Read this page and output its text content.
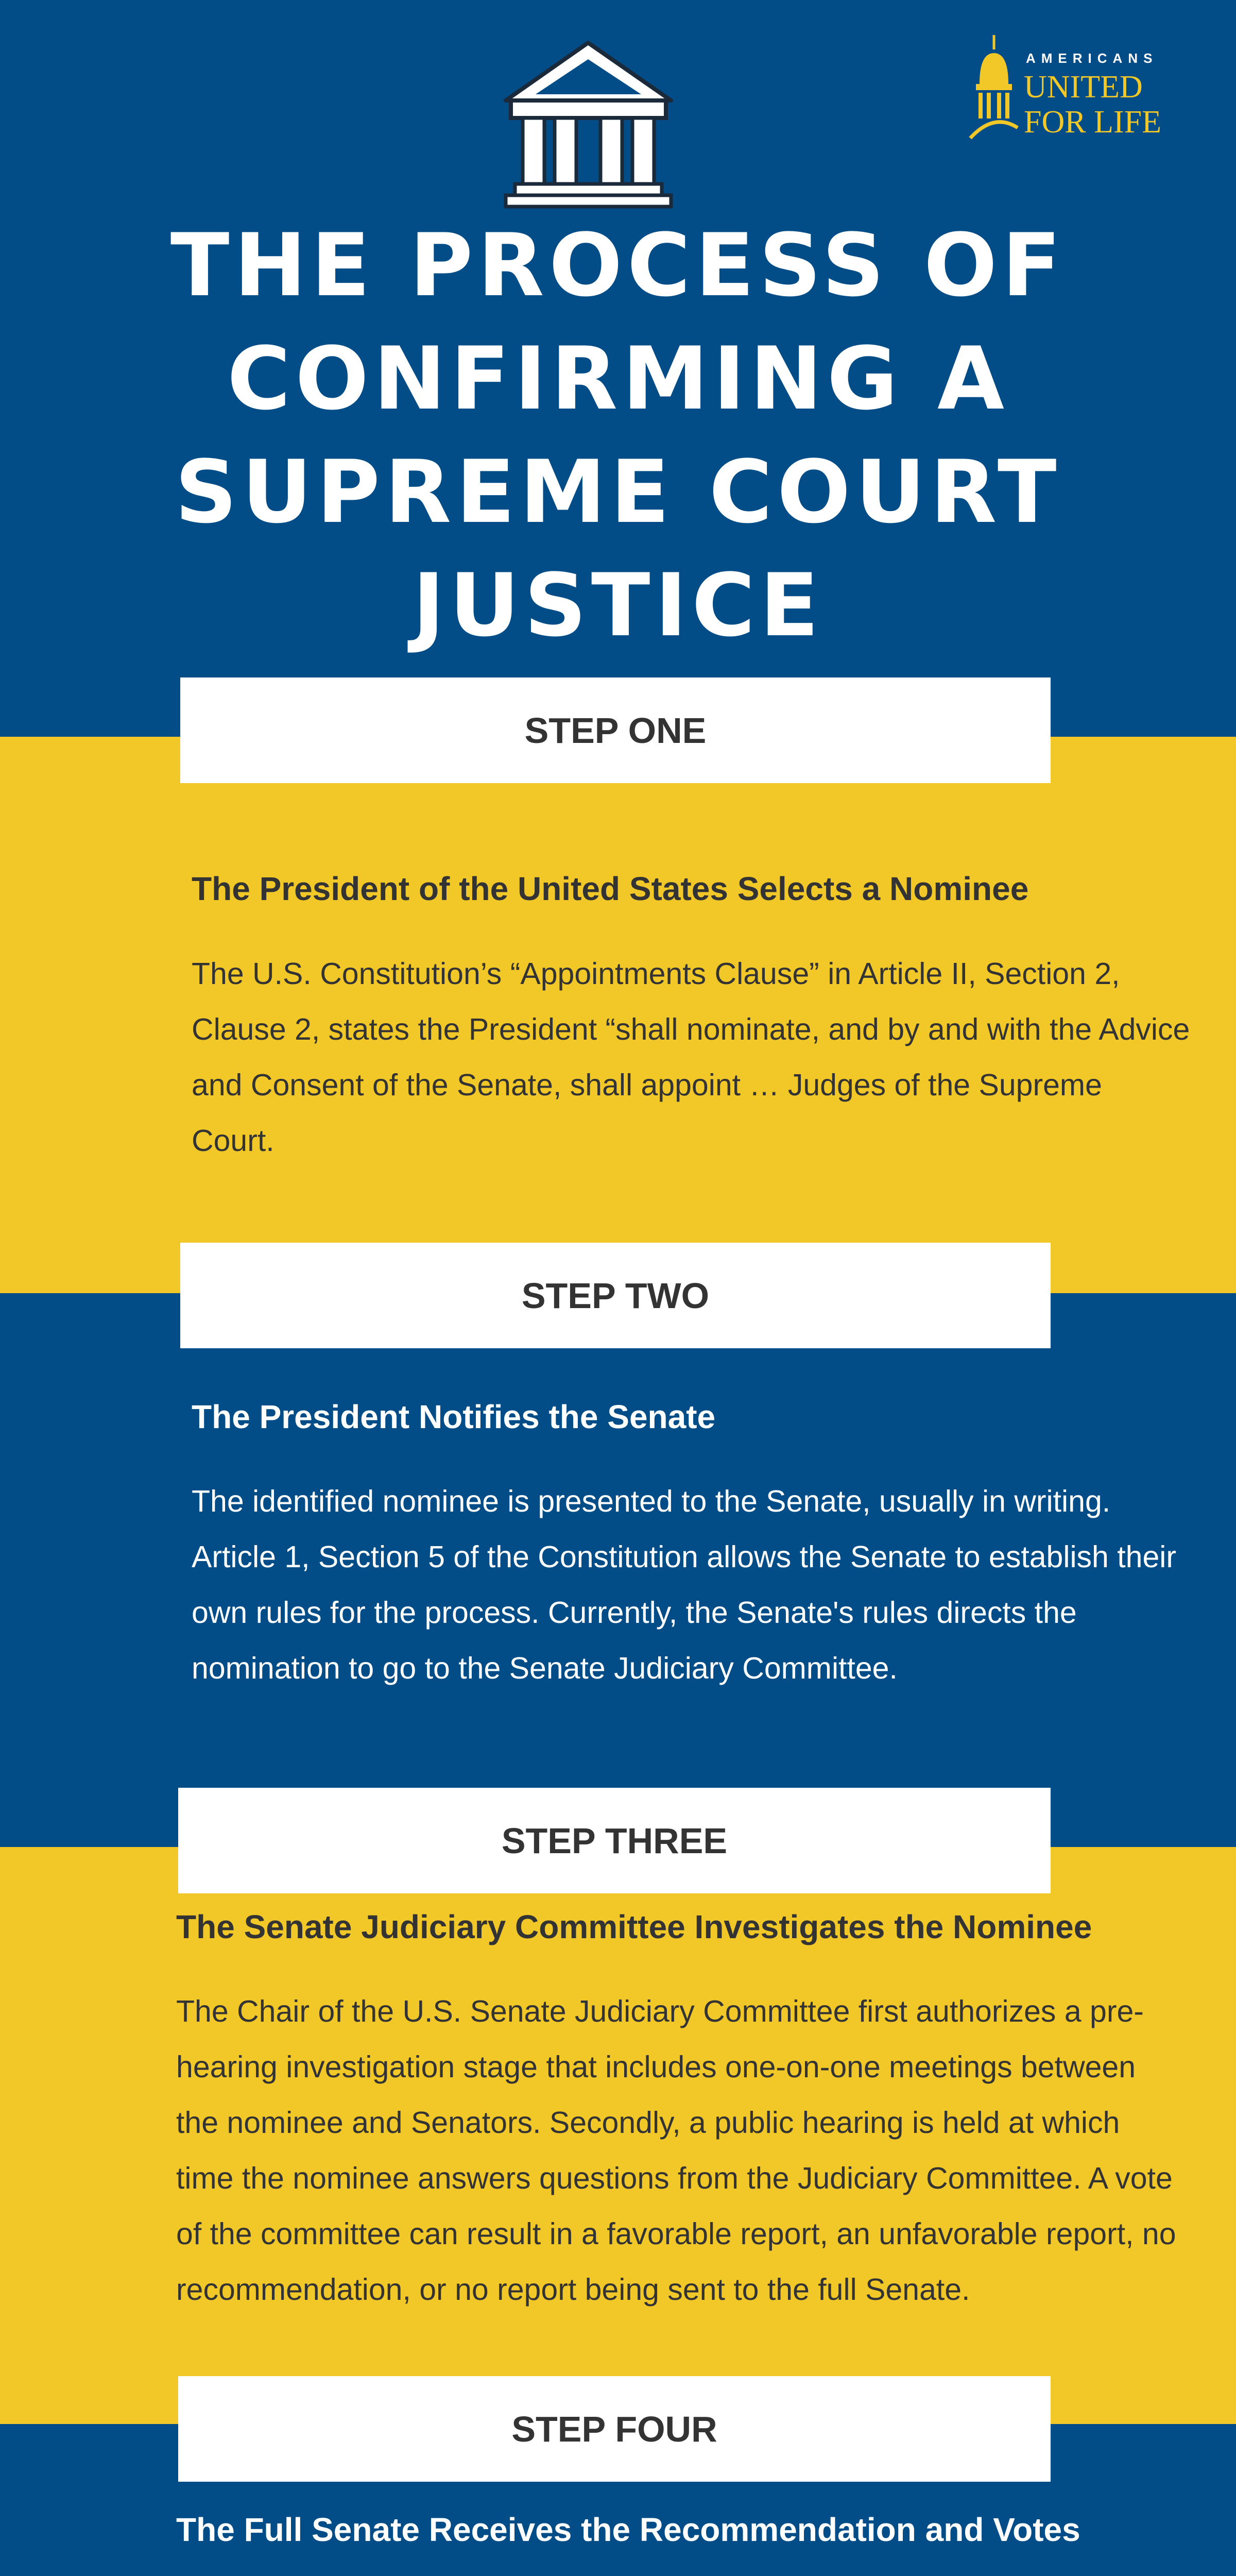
AMERICANS
UNITED
FOR LIFE
THE PROCESS OF CONFIRMING A SUPREME COURT JUSTICE
STEP ONE
The President of the United States Selects a Nominee

The U.S. Constitution’s “Appointments Clause” in Article II, Section 2, Clause 2, states the President “shall nominate, and by and with the Advice and Consent of the Senate, shall appoint … Judges of the Supreme Court.

STEP TWO
The President Notifies the Senate

The identified nominee is presented to the Senate, usually in writing. Article 1, Section 5 of the Constitution allows the Senate to establish their own rules for the process. Currently, the Senate's rules directs the nomination to go to the Senate Judiciary Committee.

STEP THREE
The Senate Judiciary Committee Investigates the Nominee

The Chair of the U.S. Senate Judiciary Committee first authorizes a pre-hearing investigation stage that includes one-on-one meetings between the nominee and Senators. Secondly, a public hearing is held at which time the nominee answers questions from the Judiciary Committee. A vote of the committee can result in a favorable report, an unfavorable report, no recommendation, or no report being sent to the full Senate.

STEP FOUR
The Full Senate Receives the Recommendation and Votes
